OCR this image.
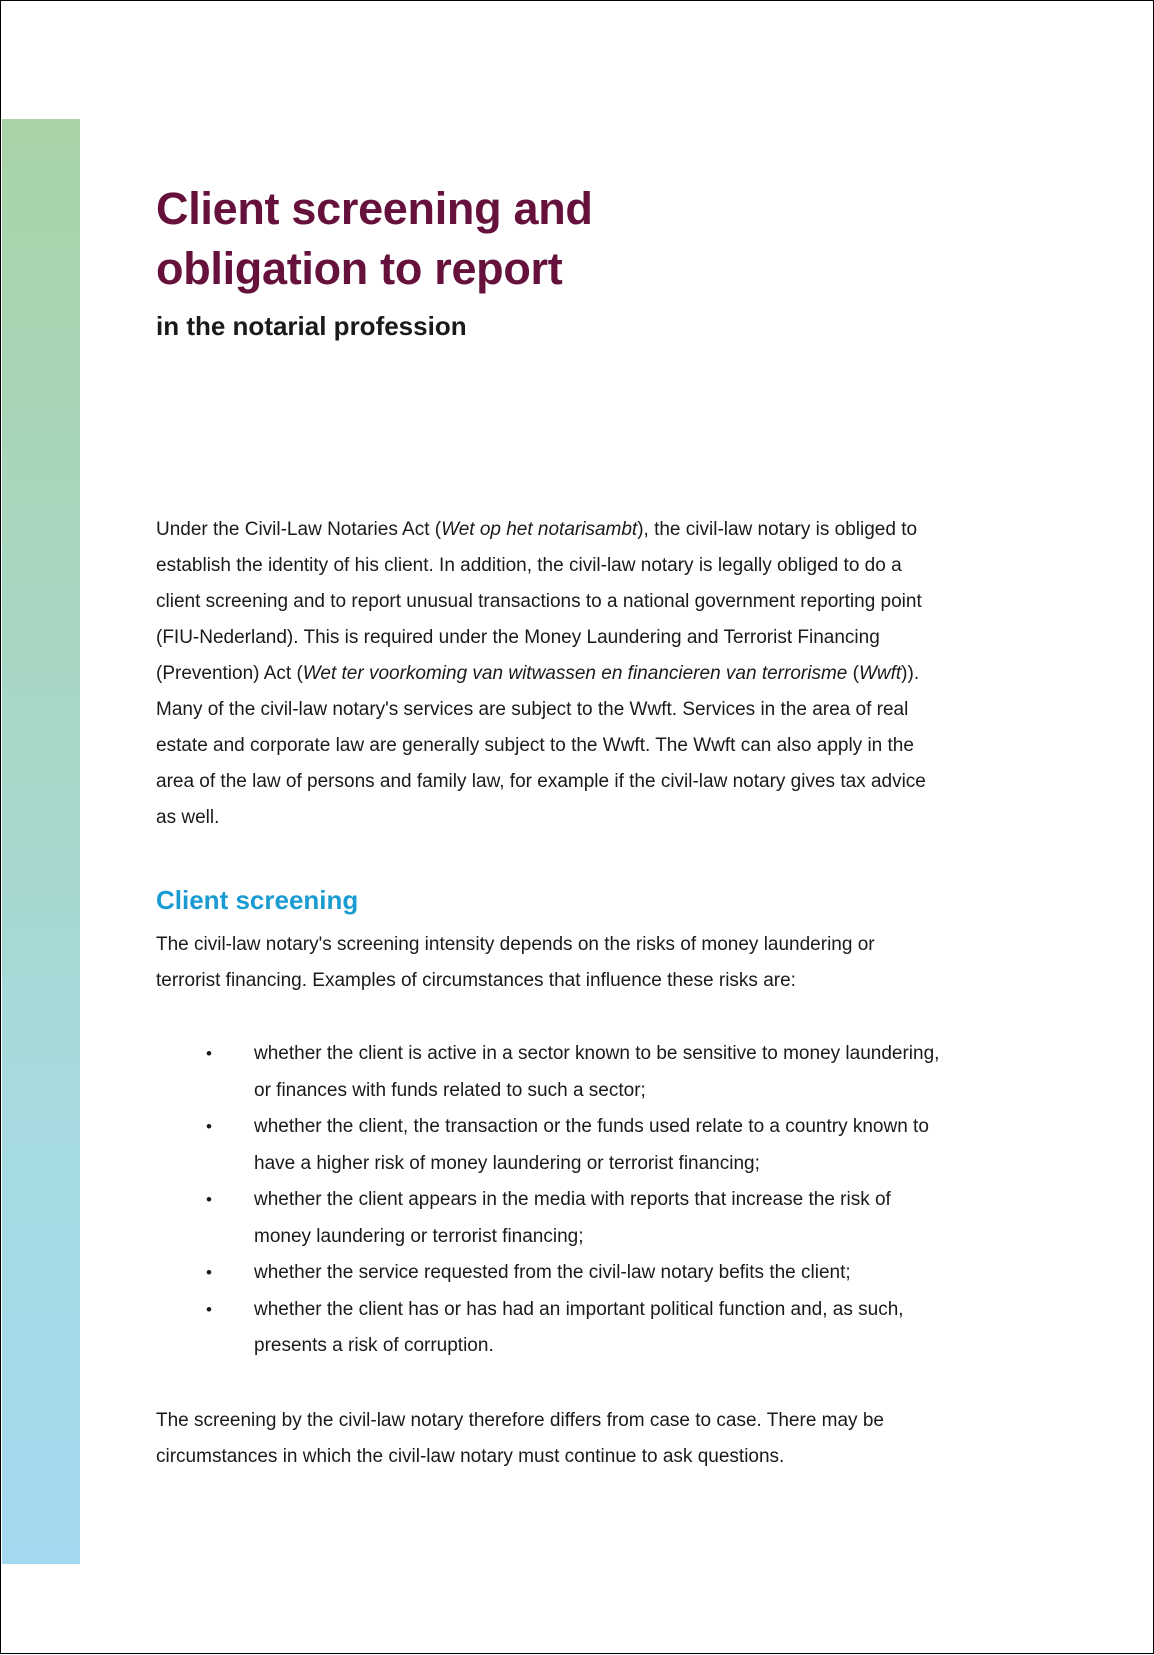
1
Client screening and
obligation to report
in the notarial profession

Under the Civil-Law Notaries Act (Wet op het notarisambt), the civil-law notary is obliged to
establish the identity of his client. In addition, the civil-law notary is legally obliged to do a
client screening and to report unusual transactions to a national government reporting point
(FIU-Nederland). This is required under the Money Laundering and Terrorist Financing
(Prevention) Act (Wet ter voorkoming van witwassen en financieren van terrorisme (Wwft)).
Many of the civil-law notary's services are subject to the Wwft. Services in the area of real
estate and corporate law are generally subject to the Wwft. The Wwft can also apply in the
area of the law of persons and family law, for example if the civil-law notary gives tax advice
as well.

Client screening

The civil-law notary's screening intensity depends on the risks of money laundering or
terrorist financing. Examples of circumstances that influence these risks are:

• whether the client is active in a sector known to be sensitive to money laundering,
or finances with funds related to such a sector;
• whether the client, the transaction or the funds used relate to a country known to
have a higher risk of money laundering or terrorist financing;
• whether the client appears in the media with reports that increase the risk of
money laundering or terrorist financing;
• whether the service requested from the civil-law notary befits the client;
• whether the client has or has had an important political function and, as such,
presents a risk of corruption.

The screening by the civil-law notary therefore differs from case to case. There may be
circumstances in which the civil-law notary must continue to ask questions.
